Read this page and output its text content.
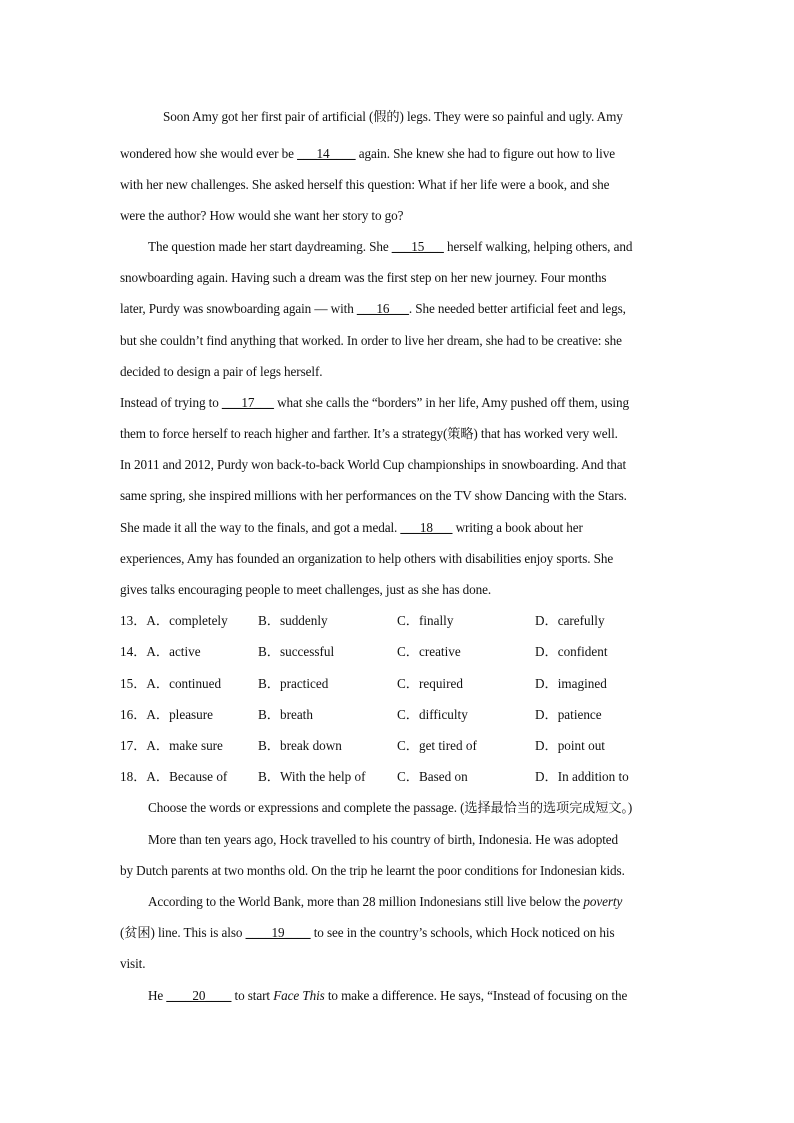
Soon Amy got her first pair of artificial (假的) legs. They were so painful and ugly. Amy
wondered how she would ever be ___14____ again. She knew she had to figure out how to live
with her new challenges. She asked herself this question: What if her life were a book, and she
were the author? How would she want her story to go?
The question made her start daydreaming. She ___15___ herself walking, helping others, and
snowboarding again. Having such a dream was the first step on her new journey. Four months
later, Purdy was snowboarding again — with ___16___. She needed better artificial feet and legs,
but she couldn’t find anything that worked. In order to live her dream, she had to be creative: she
decided to design a pair of legs herself.
Instead of trying to ___17___ what she calls the “borders” in her life, Amy pushed off them, using
them to force herself to reach higher and farther. It’s a strategy(策略) that has worked very well.
In 2011 and 2012, Purdy won back-to-back World Cup championships in snowboarding. And that
same spring, she inspired millions with her performances on the TV show Dancing with the Stars.
She made it all the way to the finals, and got a medal. ___18___ writing a book about her
experiences, Amy has founded an organization to help others with disabilities enjoy sports. She
gives talks encouraging people to meet challenges, just as she has done.
13．A．completely B．suddenly	C．finally	D．carefully
14．A．active	B．successful	C．creative	D．confident
15．A．continued	B．practiced	C．required	D．imagined
16．A．pleasure	B．breath	C．difficulty	D．patience
17．A．make sure	B．break down	C．get tired of	D．point out
18．A．Because of B．With the help of C．Based on	D．In addition to
Choose the words or expressions and complete the passage. (选择最恰当的选项完成短文。)
More than ten years ago, Hock travelled to his country of birth, Indonesia. He was adopted
by Dutch parents at two months old. On the trip he learnt the poor conditions for Indonesian kids.
According to the World Bank, more than 28 million Indonesians still live below the poverty
(贫困) line. This is also ____19____ to see in the country’s schools, which Hock noticed on his
visit.
He ____20____ to start Face This to make a difference. He says, “Instead of focusing on the
